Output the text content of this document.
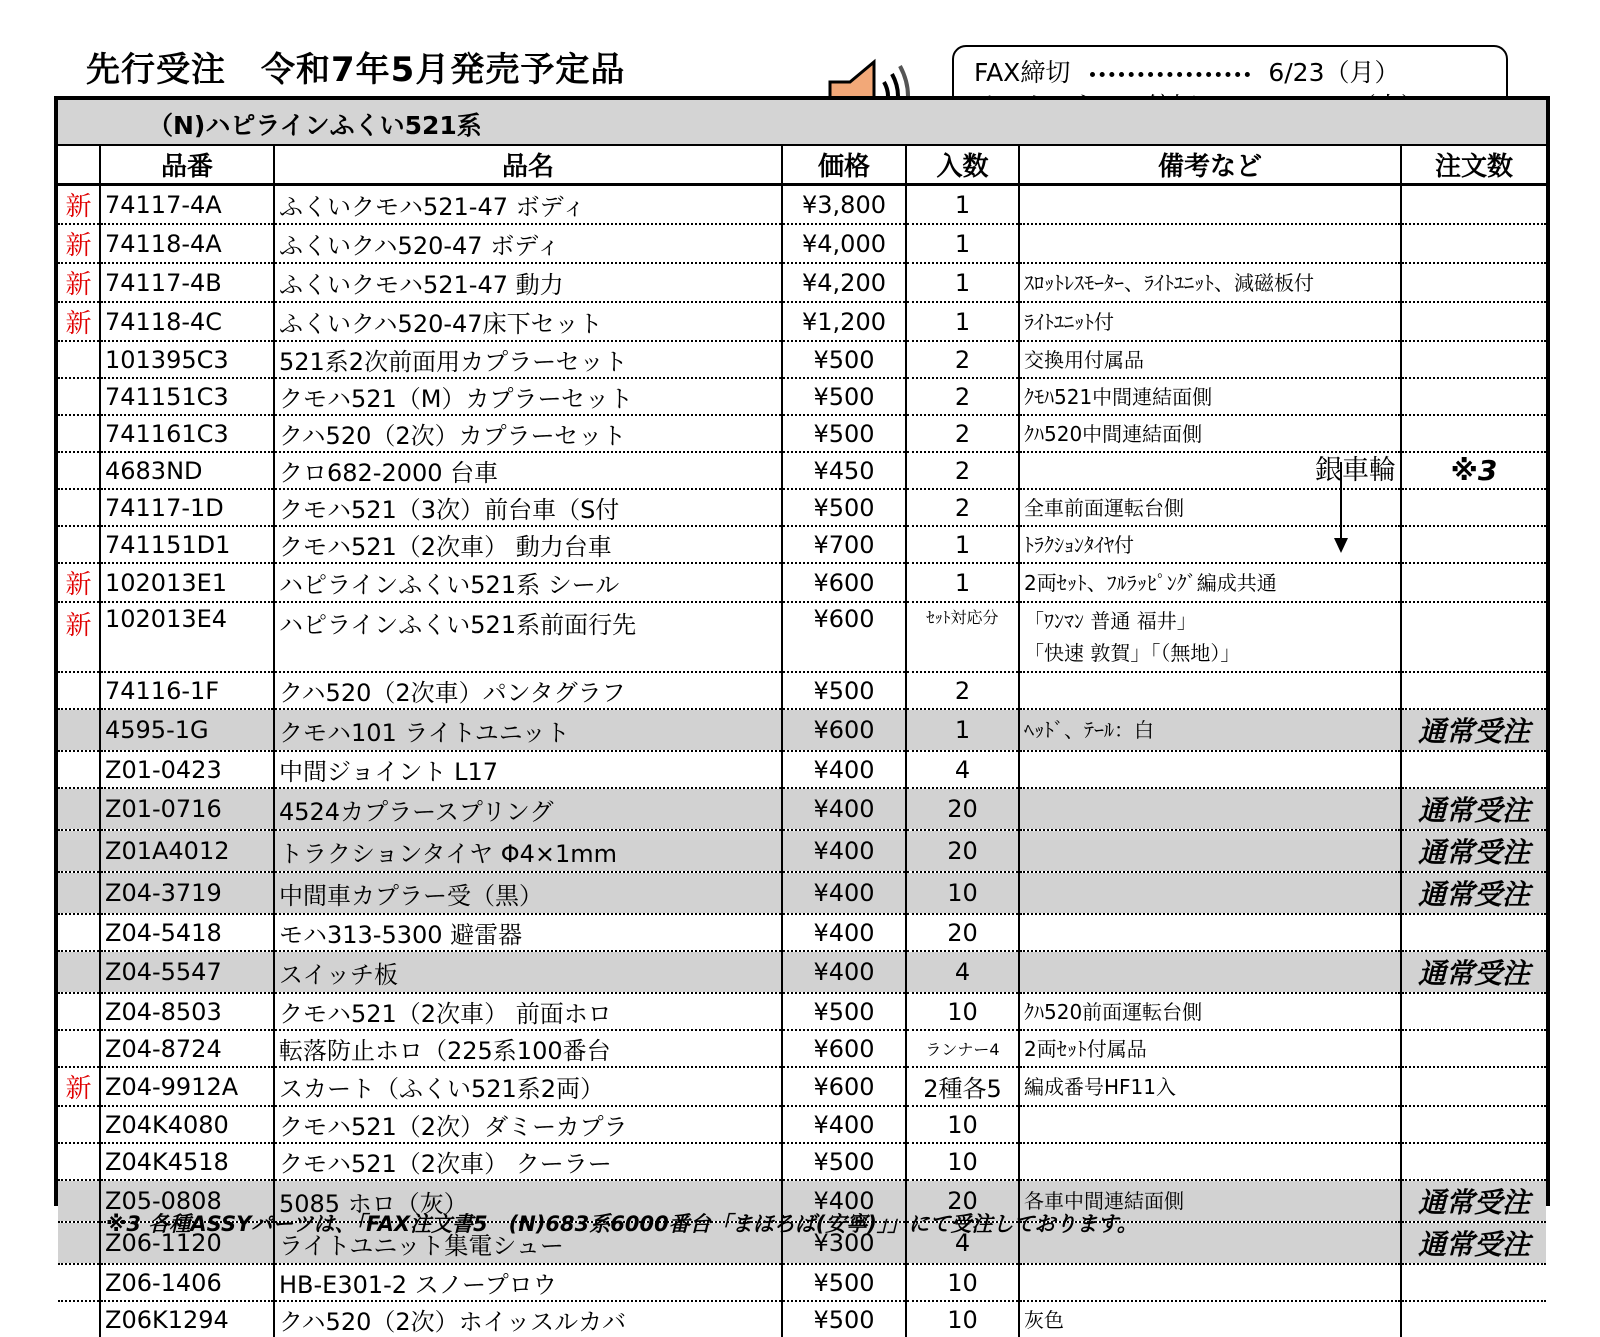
先行受注　令和7年5月発売予定品	FAX締切	6/23（月）
（N)ハピラインふくい521系
	品番	品名	価格	入数	備考など	注文数
新	74117-4A	ふくいクモハ521-47 ボディ	¥3,800	1	

新	74118-4A	ふくいクハ520-47 ボディ	¥4,000	1	

新	74117-4B	ふくいクモハ521-47 動力	¥4,200	1	ｽﾛｯﾄﾚｽﾓｰﾀｰ、ﾗｲﾄﾕﾆｯﾄ、減磁板付	

新	74118-4C	ふくいクハ520-47床下セット	¥1,200	1	ﾗｲﾄﾕﾆｯﾄ付	

	101395C3	521系2次前面用カプラーセット	¥500	2	交換用付属品	

	741151C3	クモハ521（M）カプラーセット	¥500	2	ｸﾓﾊ521中間連結面側	

	741161C3	クハ520（2次）カプラーセット	¥500	2	ｸﾊ520中間連結面側	

	4683ND	クロ682-2000 台車	¥450	2	銀車輪	※3
	74117-1D	クモハ521（3次）前台車（S付	¥500	2	全車前面運転台側	

	741151D1	クモハ521（2次車） 動力台車	¥700	1	ﾄﾗｸｼｮﾝﾀｲﾔ付	

新	102013E1	ハピラインふくい521系 シール	¥600	1	2両ｾｯﾄ、ﾌﾙﾗｯﾋﾟﾝｸﾞ編成共通	

新	102013E4	ハピラインふくい521系前面行先	¥600	ｾｯﾄ対応分	「ﾜﾝﾏﾝ 普通 福井」
「快速 敦賀」「（無地）」	

	74116-1F	クハ520（2次車）パンタグラフ	¥500	2	

	4595-1G	クモハ101 ライトユニット	¥600	1	ﾍｯﾄﾞ、ﾃｰﾙ：白	通常受注
	Z01-0423	中間ジョイント L17	¥400	4	

	Z01-0716	4524カプラースプリング	¥400	20		通常受注
	Z01A4012	トラクションタイヤ Φ4×1mm	¥400	20		通常受注
	Z04-3719	中間車カプラー受（黒）	¥400	10		通常受注
	Z04-5418	モハ313-5300 避雷器	¥400	20	

	Z04-5547	スイッチ板	¥400	4		通常受注
	Z04-8503	クモハ521（2次車） 前面ホロ	¥500	10	ｸﾊ520前面運転台側	

	Z04-8724	転落防止ホロ（225系100番台	¥600	ランナー4	2両ｾｯﾄ付属品	

新	Z04-9912A	スカート（ふくい521系2両）	¥600	2種各5	編成番号HF11入	

	Z04K4080	クモハ521（2次）ダミーカプラ	¥400	10	

	Z04K4518	クモハ521（2次車） クーラー	¥500	10	

	Z05-0808	5085 ホロ（灰）	¥400	20	各車中間連結面側	通常受注
	Z06-1120	ライトユニット集電シュー	¥300	4		通常受注
	Z06-1406	HB-E301-2 スノープロウ	¥500	10	

	Z06K1294	クハ520（2次）ホイッスルカバ	¥500	10	灰色	

※3 各種ASSYパーツは、「FAX注文書5　(N)683系6000番台「まほろば(安寧)」」にて受注しております。
